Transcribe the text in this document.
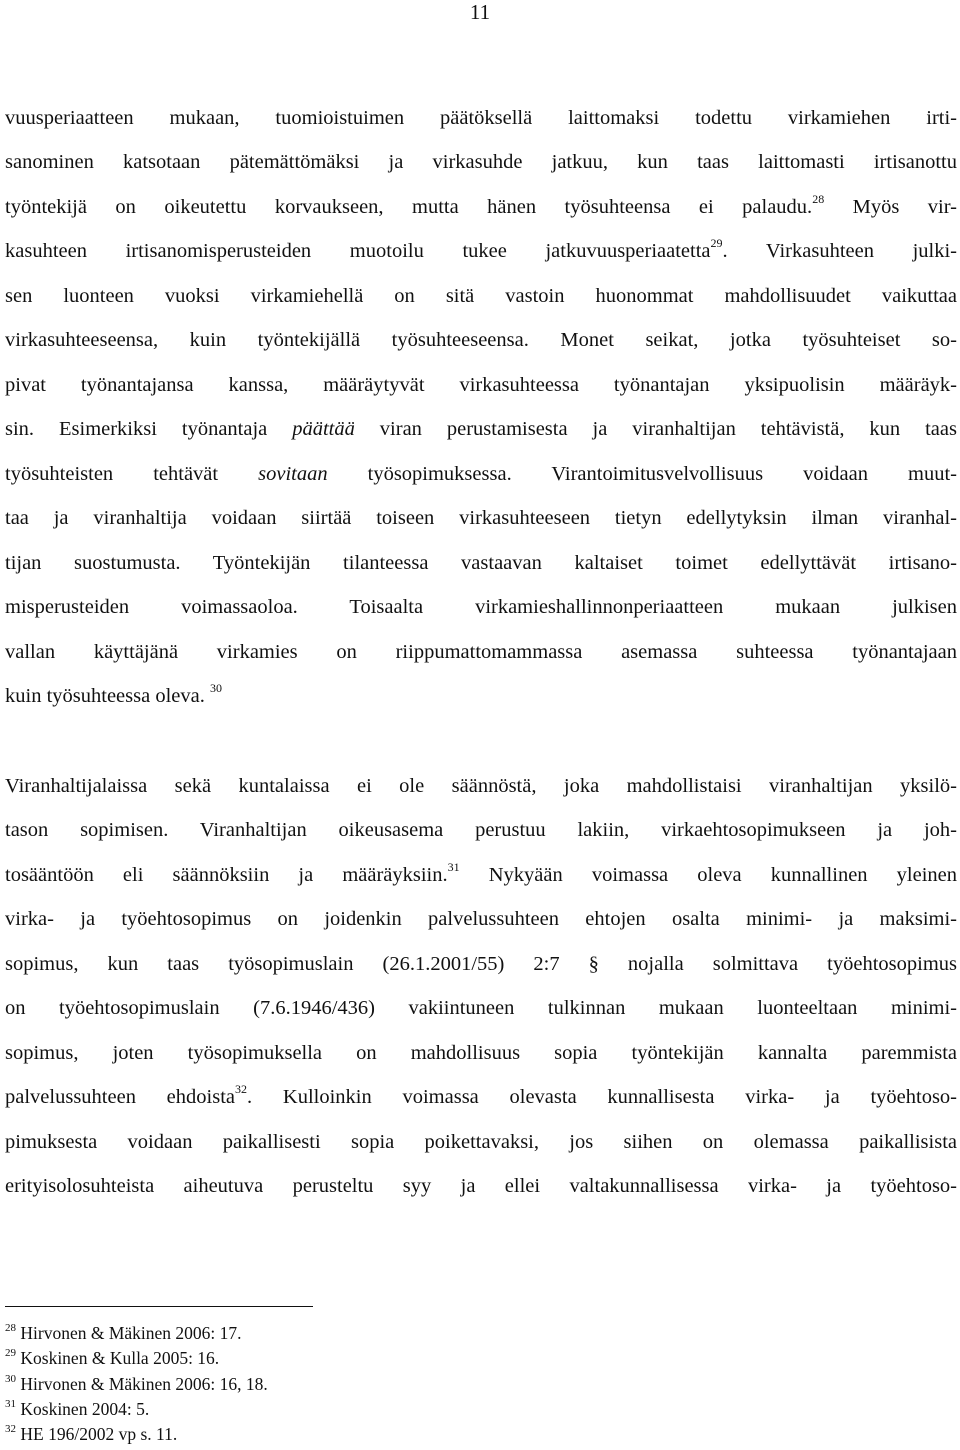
11
vuusperiaatteen mukaan, tuomioistuimen päätöksellä laittomaksi todettu virkamiehen irti-
sanominen katsotaan pätemättömäksi ja virkasuhde jatkuu, kun taas laittomasti irtisanottu
työntekijä on oikeutettu korvaukseen, mutta hänen työsuhteensa ei palaudu.$^{28}$ Myös vir-
kasuhteen irtisanomisperusteiden muotoilu tukee jatkuvuusperiaatetta$^{29}$. Virkasuhteen julki-
sen luonteen vuoksi virkamiehellä on sitä vastoin huonommat mahdollisuudet vaikuttaa
virkasuhteeseensa, kuin työntekijällä työsuhteeseensa. Monet seikat, jotka työsuhteiset so-
pivat työnantajansa kanssa, määräytyvät virkasuhteessa työnantajan yksipuolisin määräyk-
sin. Esimerkiksi työnantaja päättää viran perustamisesta ja viranhaltijan tehtävistä, kun taas
työsuhteisten tehtävät sovitaan työsopimuksessa. Virantoimitusvelvollisuus voidaan muut-
taa ja viranhaltija voidaan siirtää toiseen virkasuhteeseen tietyn edellytyksin ilman viranhal-
tijan suostumusta. Työntekijän tilanteessa vastaavan kaltaiset toimet edellyttävät irtisano-
misperusteiden voimassaoloa. Toisaalta virkamieshallinnonperiaatteen mukaan julkisen
vallan käyttäjänä virkamies on riippumattomammassa asemassa suhteessa työnantajaan
kuin työsuhteessa oleva. $^{30}$
Viranhaltijalaissa sekä kuntalaissa ei ole säännöstä, joka mahdollistaisi viranhaltijan yksilö-
tason sopimisen. Viranhaltijan oikeusasema perustuu lakiin, virkaehtosopimukseen ja joh-
tosääntöön eli säännöksiin ja määräyksiin.$^{31}$ Nykyään voimassa oleva kunnallinen yleinen
virka- ja työehtosopimus on joidenkin palvelussuhteen ehtojen osalta minimi- ja maksimi-
sopimus, kun taas työsopimuslain (26.1.2001/55) 2:7 § nojalla solmittava työehtosopimus
on työehtosopimuslain (7.6.1946/436) vakiintuneen tulkinnan mukaan luonteeltaan minimi-
sopimus, joten työsopimuksella on mahdollisuus sopia työntekijän kannalta paremmista
palvelussuhteen ehdoista$^{32}$. Kulloinkin voimassa olevasta kunnallisesta virka- ja työehtoso-
pimuksesta voidaan paikallisesti sopia poikettavaksi, jos siihen on olemassa paikallisista
erityisolosuhteista aiheutuva perusteltu syy ja ellei valtakunnallisessa virka- ja työehtoso-
$^{28}$ Hirvonen & Mäkinen 2006: 17.
$^{29}$ Koskinen & Kulla 2005: 16.
$^{30}$ Hirvonen & Mäkinen 2006: 16, 18.
$^{31}$ Koskinen 2004: 5.
$^{32}$ HE 196/2002 vp s. 11.
